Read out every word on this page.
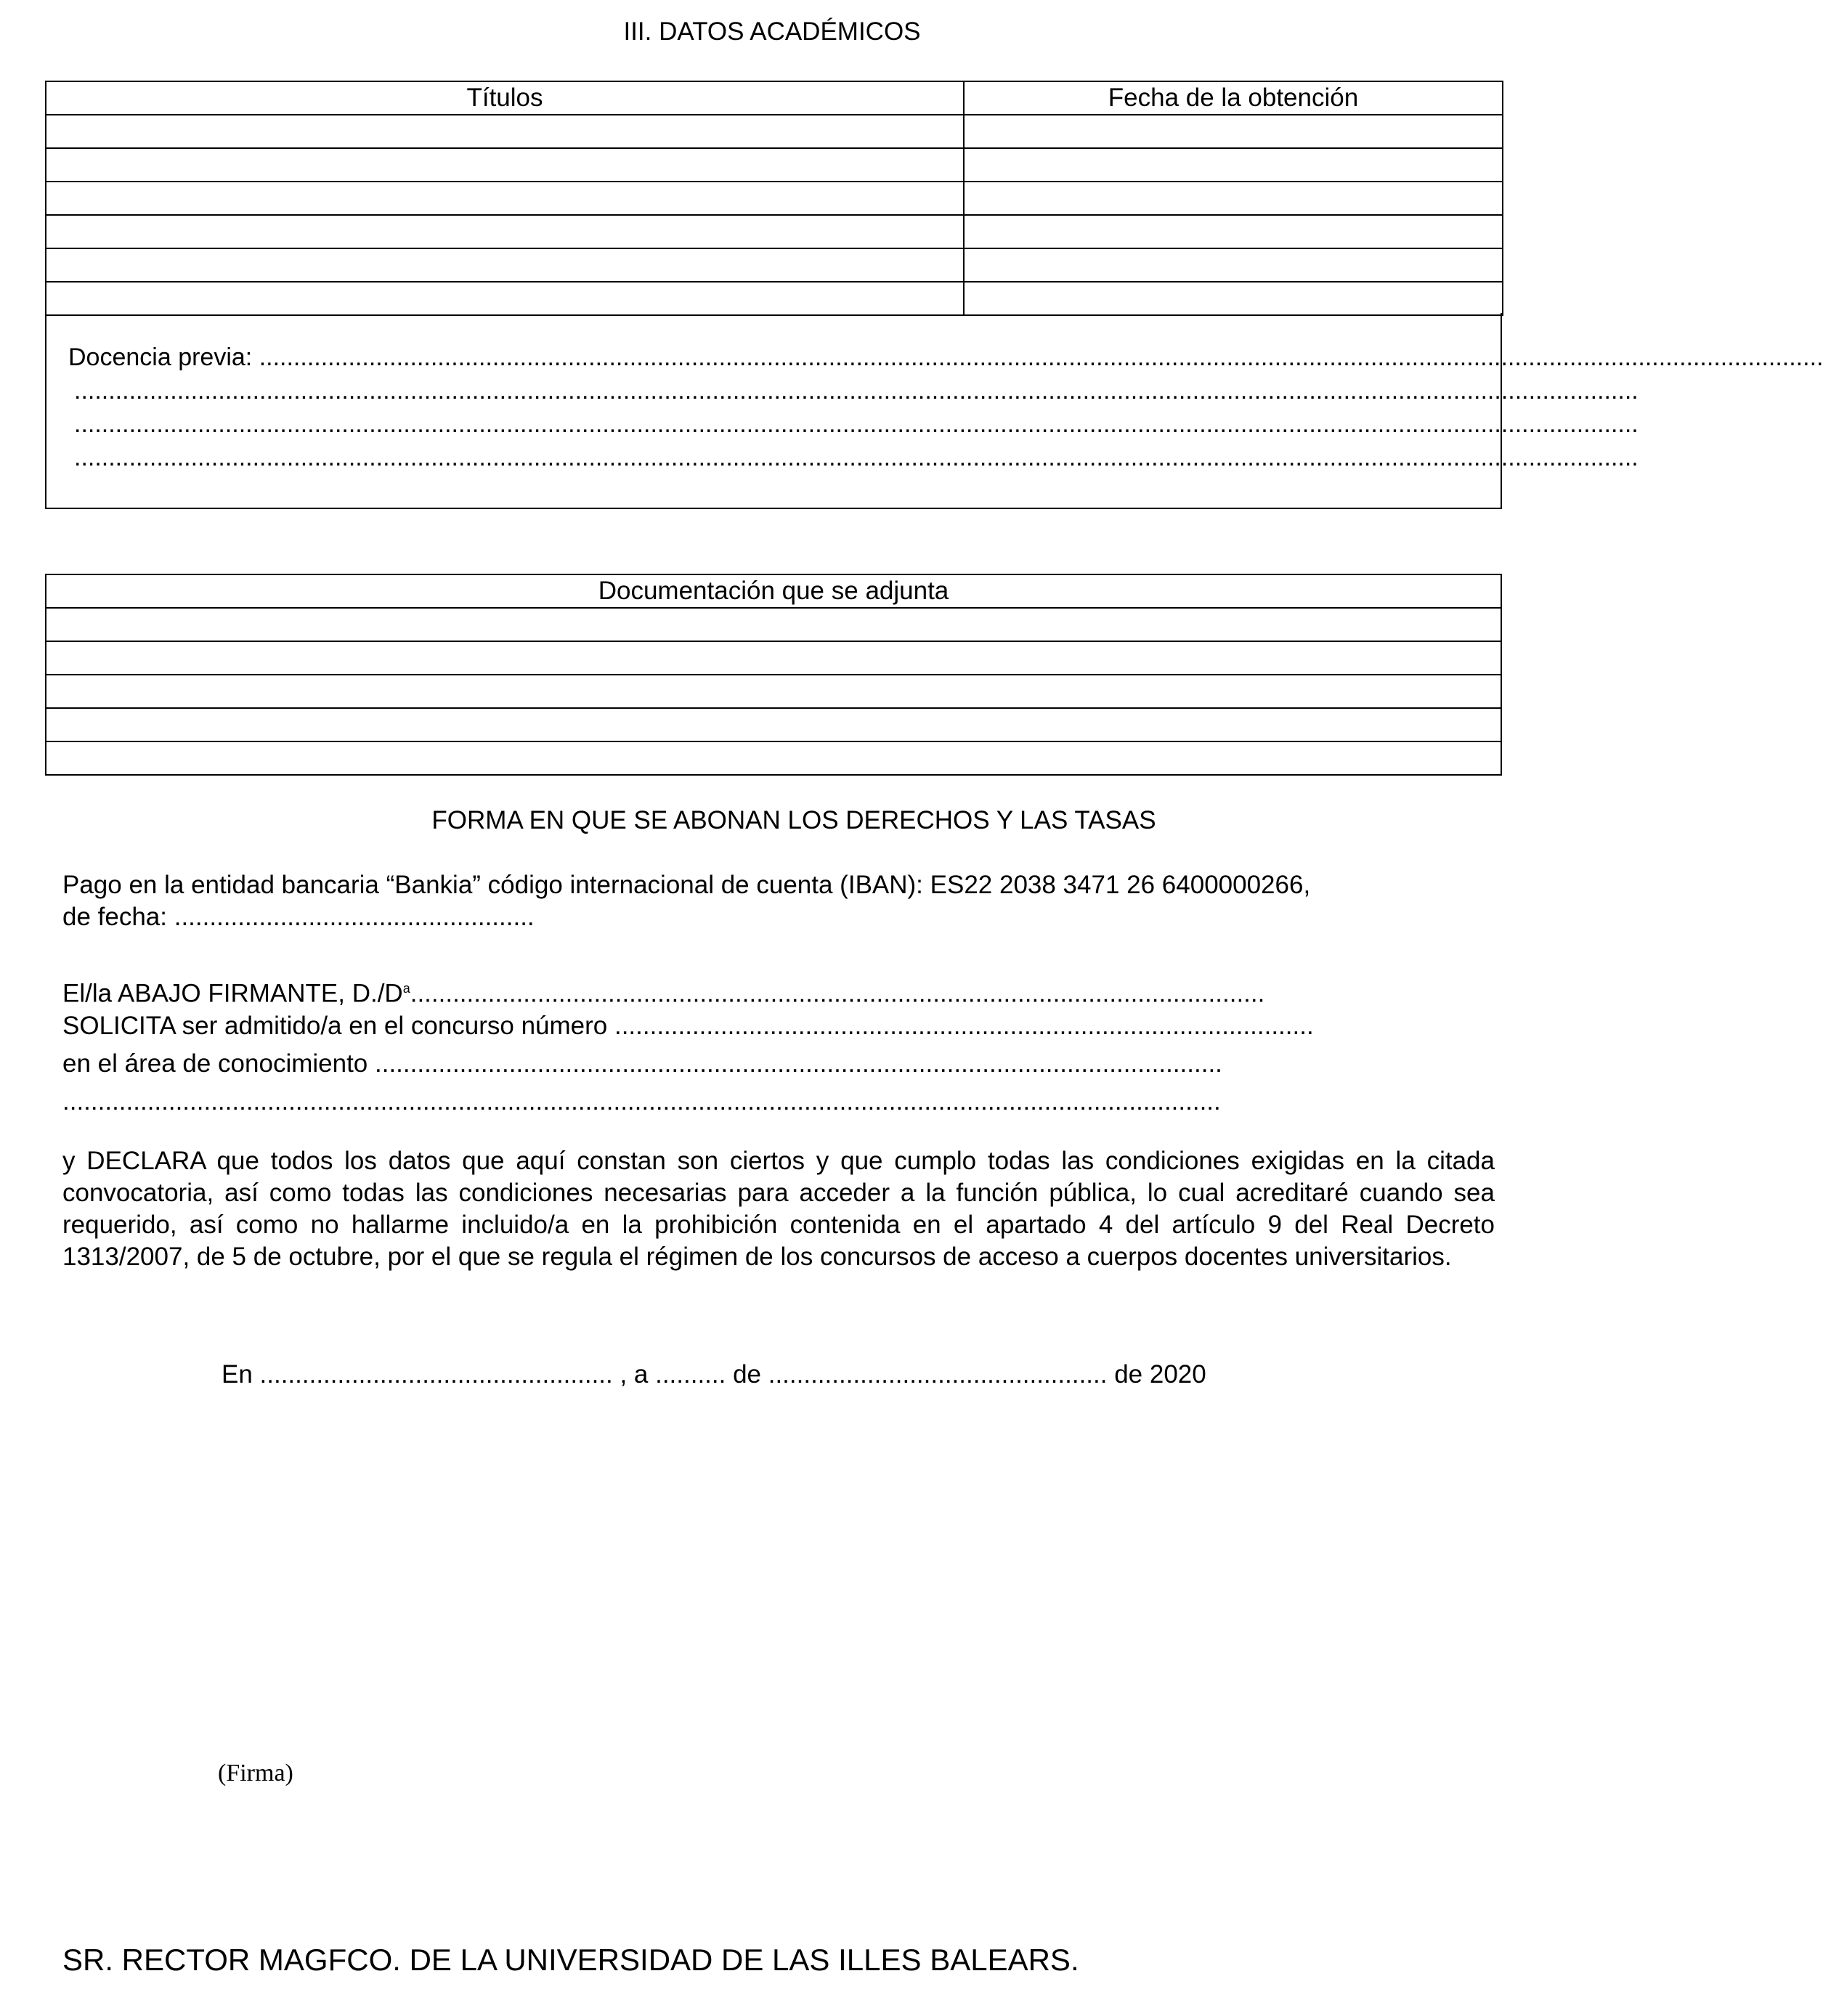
III. DATOS ACADÉMICOS
Títulos	Fecha de la obtención

Docencia previa: ....................................................................................................................................................................................................................................
....................................................................................................................................................................................................................................
....................................................................................................................................................................................................................................
....................................................................................................................................................................................................................................
Documentación que se adjunta

FORMA EN QUE SE ABONAN LOS DERECHOS Y LAS TASAS
Pago en la entidad bancaria “Bankia” código internacional de cuenta (IBAN): ES22 2038 3471 26 6400000266,
de fecha: ...................................................
El/la ABAJO FIRMANTE, $D./D^a$.........................................................................................................................
SOLICITA ser admitido/a en el concurso número ...................................................................................................
en el área de conocimiento ........................................................................................................................
....................................................................................................................................................................
y DECLARA que todos los datos que aquí constan son ciertos y que cumplo todas las condiciones exigidas en la citada convocatoria, así como todas las condiciones necesarias para acceder a la función pública, lo cual acreditaré cuando sea requerido, así como no hallarme incluido/a en la prohibición contenida en el apartado 4 del artículo 9 del Real Decreto 1313/2007, de 5 de octubre, por el que se regula el régimen de los concursos de acceso a cuerpos docentes universitarios.
En .................................................. , a .......... de ................................................ de 2020
(Firma)
SR. RECTOR MAGFCO. DE LA UNIVERSIDAD DE LAS ILLES BALEARS.
